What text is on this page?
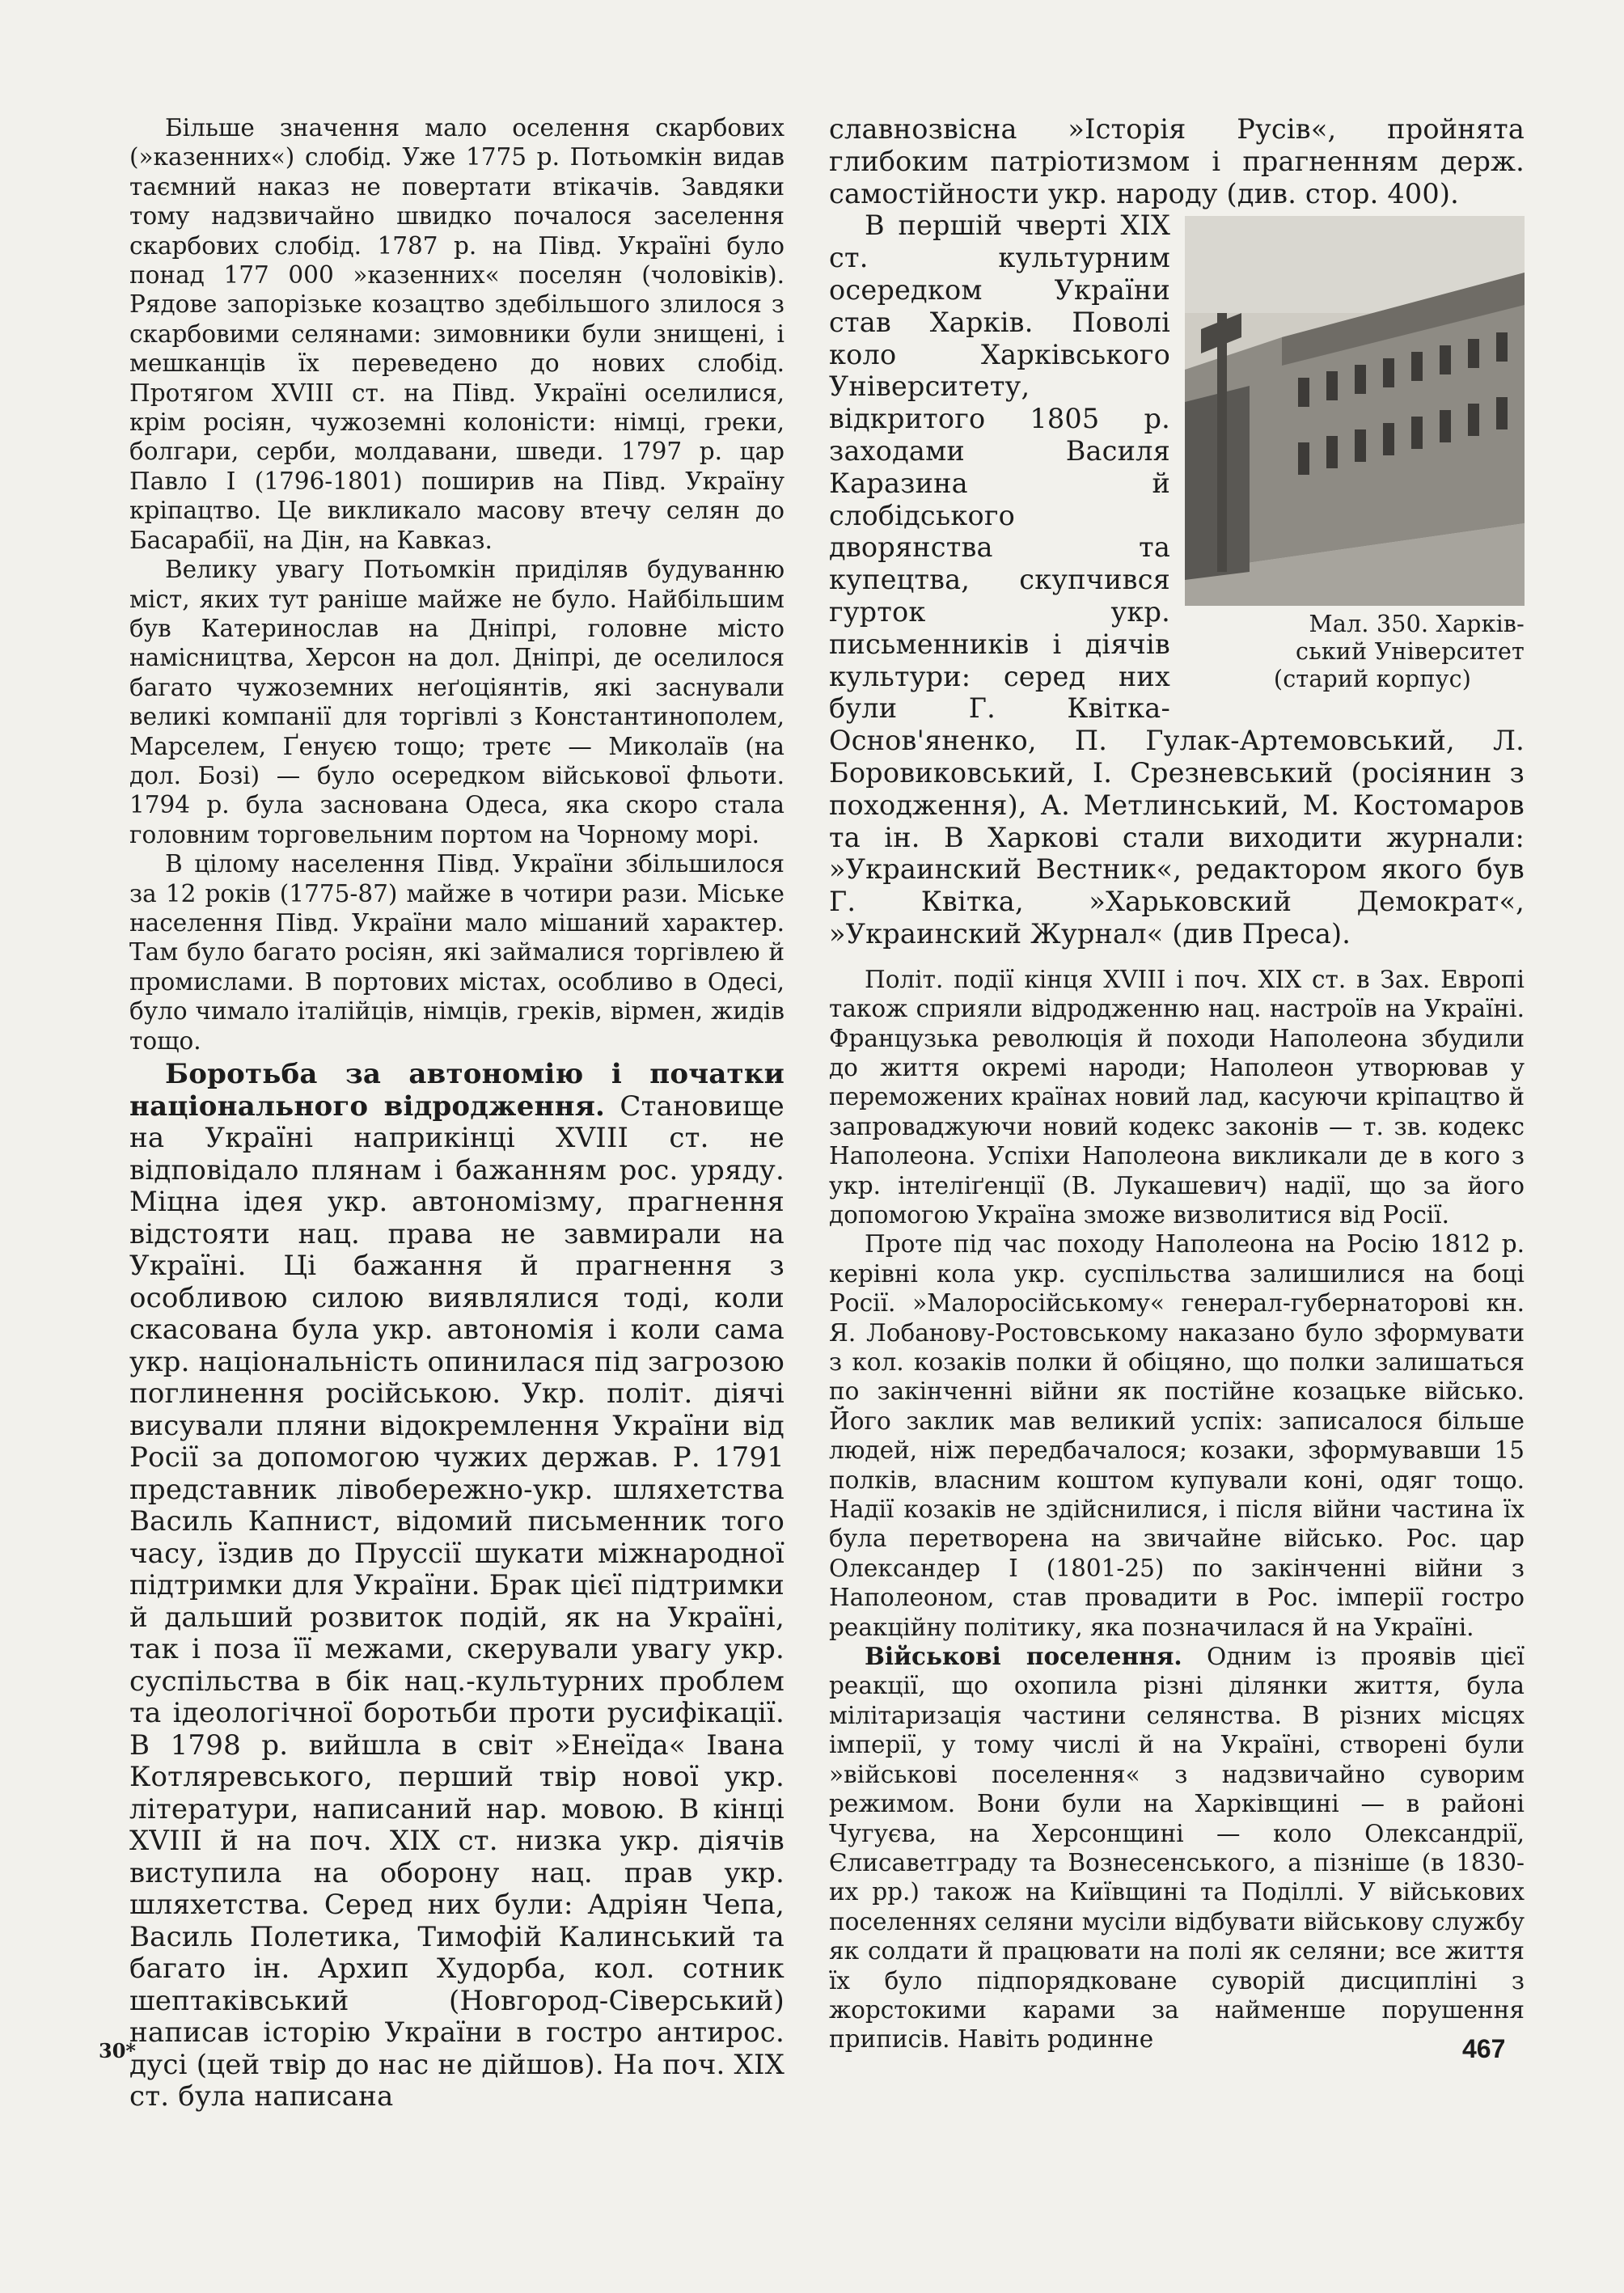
Більше значення мало оселення скарбових (»казенних«) слобід. Уже 1775 р. Потьомкін видав таємний наказ не повертати втікачів. Завдяки тому надзвичайно швидко почалося заселення скарбових слобід. 1787 р. на Півд. Україні було понад 177 000 »казенних« поселян (чоловіків). Рядове запорізьке козацтво здебільшого злилося з скарбовими селянами: зимовники були знищені, і мешканців їх переведено до нових слобід. Протягом XVIII ст. на Півд. Україні оселилися, крім росіян, чужоземні колоністи: німці, греки, болгари, серби, молдавани, шведи. 1797 р. цар Павло I (1796-1801) поширив на Півд. Україну кріпацтво. Це викликало масову втечу селян до Басарабії, на Дін, на Кавказ.

Велику увагу Потьомкін приділяв будуванню міст, яких тут раніше майже не було. Найбільшим був Катеринослав на Дніпрі, головне місто намісництва, Херсон на дол. Дніпрі, де оселилося багато чужоземних неґоціянтів, які заснували великі компанії для торгівлі з Константинополем, Марселем, Ґенуєю тощо; третє — Миколаїв (на дол. Бозі) — було осередком військової фльоти. 1794 р. була заснована Одеса, яка скоро стала головним торговельним портом на Чорному морі.

В цілому населення Півд. України збільшилося за 12 років (1775-87) майже в чотири рази. Міське населення Півд. України мало мішаний характер. Там було багато росіян, які займалися торгівлею й промислами. В портових містах, особливо в Одесі, було чимало італійців, німців, греків, вірмен, жидів тощо.

Боротьба за автономію і початки національного відродження. Становище на Україні наприкінці XVIII ст. не відповідало плянам і бажанням рос. уряду. Міцна ідея укр. автономізму, прагнення відстояти нац. права не завмирали на Україні. Ці бажання й прагнення з особливою силою виявлялися тоді, коли скасована була укр. автономія і коли сама укр. національність опинилася під загрозою поглинення російською. Укр. політ. діячі висували пляни відокремлення України від Росії за допомогою чужих держав. Р. 1791 представник лівобережно-укр. шляхетства Василь Капнист, відомий письменник того часу, їздив до Пруссії шукати міжнародної підтримки для України. Брак цієї підтримки й дальший розвиток подій, як на Україні, так і поза її межами, скерували увагу укр. суспільства в бік нац.-культурних проблем та ідеологічної боротьби проти русифікації. В 1798 р. вийшла в світ »Енеїда« Івана Котляревського, перший твір нової укр. літератури, написаний нар. мовою. В кінці XVIII й на поч. XIX ст. низка укр. діячів виступила на оборону нац. прав укр. шляхетства. Серед них були: Адріян Чепа, Василь Полетика, Тимофій Калинський та багато ін. Архип Худорба, кол. сотник шептаківський (Новгород-Сіверський) написав історію України в гостро антирос. дусі (цей твір до нас не дійшов). На поч. XIX ст. була написана

славнозвісна »Історія Русів«, пройнята глибоким патріотизмом і прагненням держ. самостійности укр. народу (див. стор. 400).

Мал. 350. Харків-
ський Університет
(старий корпус)
В першій чверті XIX ст. культурним осередком України став Харків. Поволі коло Харківського Університету, відкритого 1805 р. заходами Василя Каразина й слобідського дворянства та купецтва, скупчився гурток укр. письменників і діячів культури: серед них були Г. Квітка-Основ'яненко, П. Гулак-Артемовський, Л. Боровиковський, І. Срезневський (росіянин з походження), А. Метлинський, М. Костомаров та ін. В Харкові стали виходити журнали: »Украинский Вестник«, редактором якого був Г. Квітка, »Харьковский Демократ«, »Украинский Журнал« (див Преса).

Політ. події кінця XVIII і поч. XIX ст. в Зах. Европі також сприяли відродженню нац. настроїв на Україні. Французька революція й походи Наполеона збудили до життя окремі народи; Наполеон утворював у переможених країнах новий лад, касуючи кріпацтво й запроваджуючи новий кодекс законів — т. зв. кодекс Наполеона. Успіхи Наполеона викликали де в кого з укр. інтеліґенції (В. Лукашевич) надії, що за його допомогою Україна зможе визволитися від Росії.

Проте під час походу Наполеона на Росію 1812 р. керівні кола укр. суспільства залишилися на боці Росії. »Малоросійському« генерал-губернаторові кн. Я. Лобанову-Ростовському наказано було зформувати з кол. козаків полки й обіцяно, що полки залишаться по закінченні війни як постійне козацьке військо. Його заклик мав великий успіх: записалося більше людей, ніж передбачалося; козаки, зформувавши 15 полків, власним коштом купували коні, одяг тощо. Надії козаків не здійснилися, і після війни частина їх була перетворена на звичайне військо. Рос. цар Олександер I (1801-25) по закінченні війни з Наполеоном, став провадити в Рос. імперії гостро реакційну політику, яка позначилася й на Україні.

Військові поселення. Одним із проявів цієї реакції, що охопила різні ділянки життя, була мілітаризація частини селянства. В різних місцях імперії, у тому числі й на Україні, створені були »військові поселення« з надзвичайно суворим режимом. Вони були на Харківщині — в районі Чугуєва, на Херсонщині — коло Олександрії, Єлисаветграду та Вознесенського, а пізніше (в 1830-их рр.) також на Київщині та Поділлі. У військових поселеннях селяни мусіли відбувати військову службу як солдати й працювати на полі як селяни; все життя їх було підпорядковане суворій дисципліні з жорстокими карами за найменше порушення приписів. Навіть родинне

30*	467
